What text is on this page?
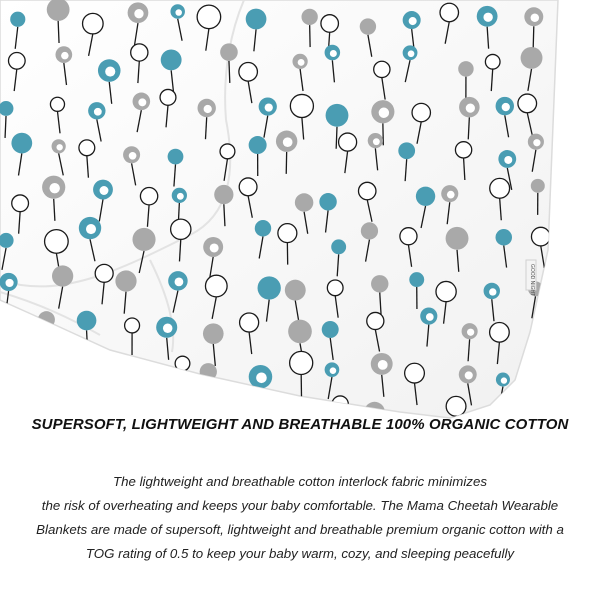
GOOD NIGHT
SUPERSOFT, LIGHTWEIGHT AND BREATHABLE 100% ORGANIC COTTON
The lightweight and breathable cotton interlock fabric minimizes
the risk of overheating and keeps your baby comfortable. The Mama Cheetah Wearable
Blankets are made of supersoft, lightweight and breathable premium organic cotton with a
TOG rating of 0.5 to keep your baby warm, cozy, and sleeping peacefully
